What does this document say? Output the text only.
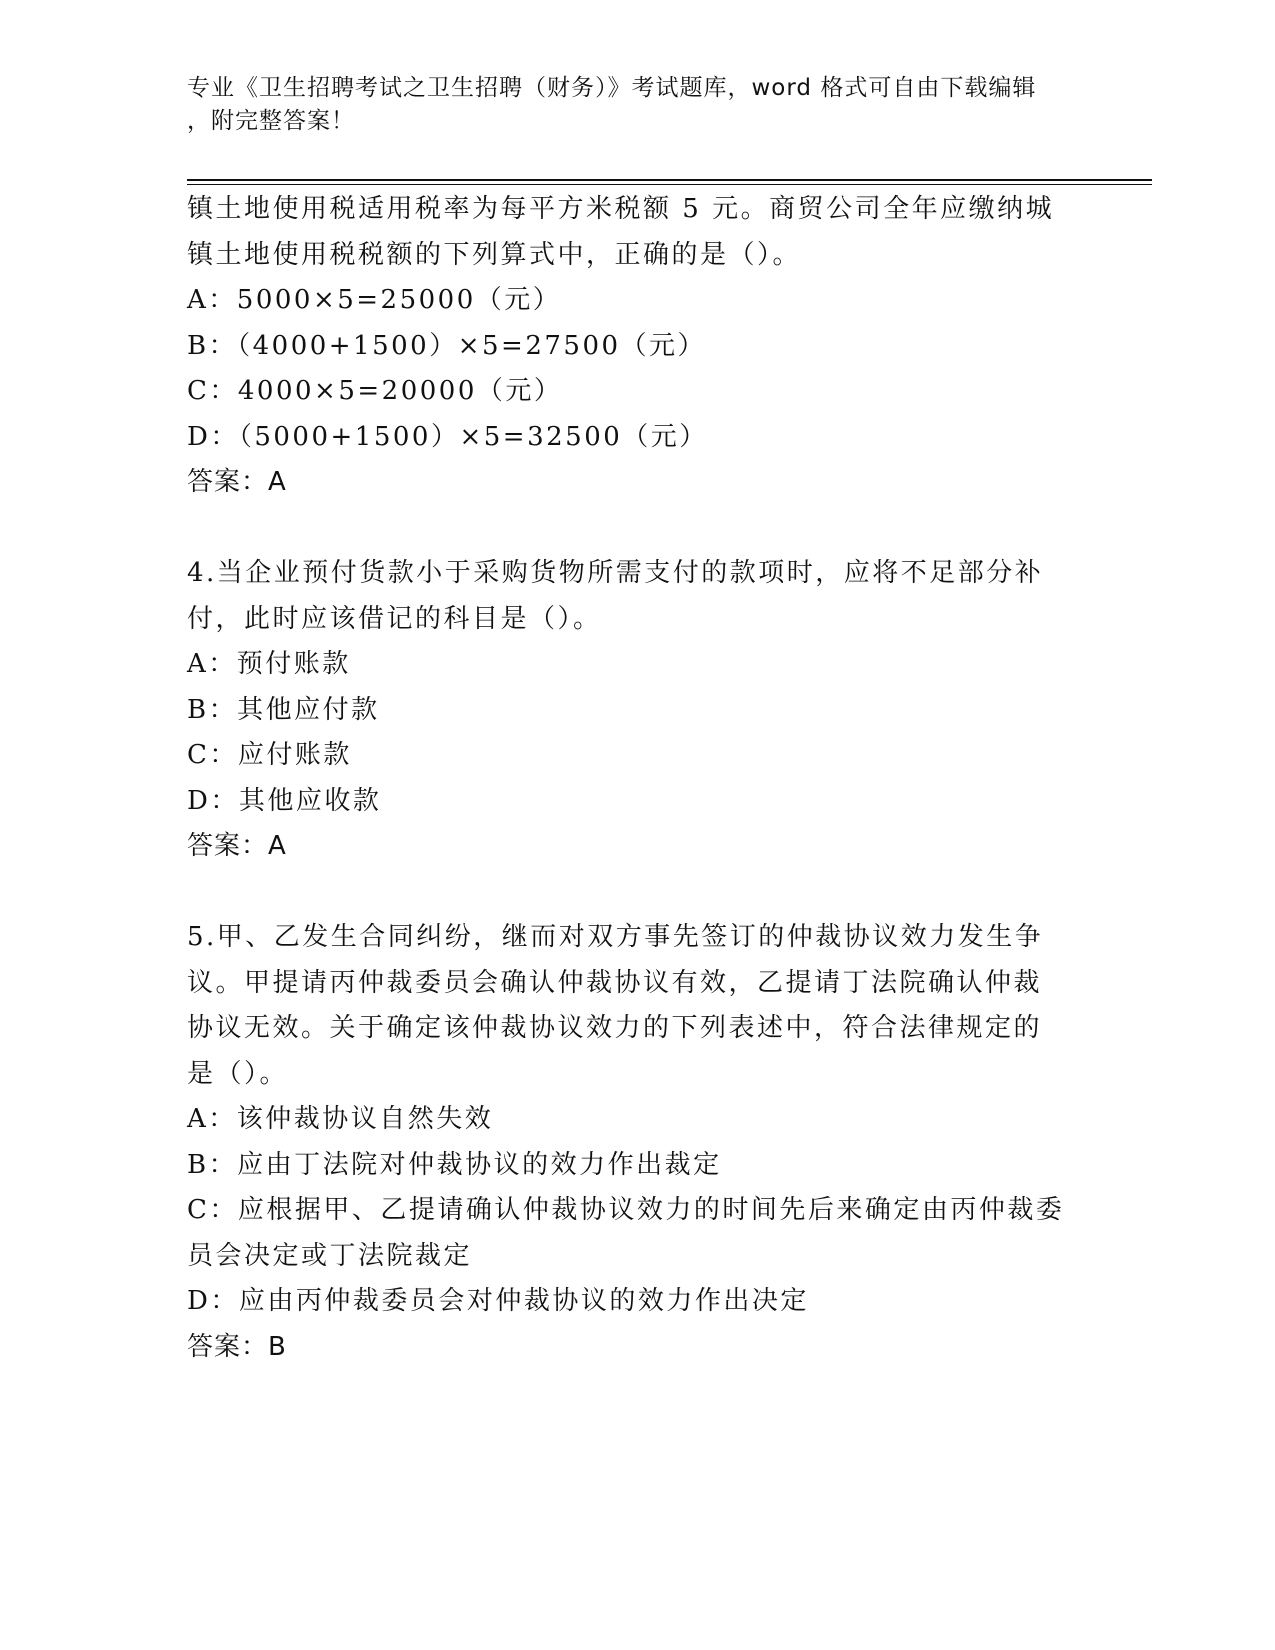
专业《卫生招聘考试之卫生招聘（财务）》考试题库，word 格式可自由下载编辑
，附完整答案！
镇土地使用税适用税率为每平方米税额 5 元。商贸公司全年应缴纳城
镇土地使用税税额的下列算式中，正确的是（）。
A：5000×5=25000（元）
B：（4000+1500）×5=27500（元）
C：4000×5=20000（元）
D：（5000+1500）×5=32500（元）
答案：A
4.当企业预付货款小于采购货物所需支付的款项时，应将不足部分补
付，此时应该借记的科目是（）。
A：预付账款
B：其他应付款
C：应付账款
D：其他应收款
答案：A
5.甲、乙发生合同纠纷，继而对双方事先签订的仲裁协议效力发生争
议。甲提请丙仲裁委员会确认仲裁协议有效，乙提请丁法院确认仲裁
协议无效。关于确定该仲裁协议效力的下列表述中，符合法律规定的
是（）。
A：该仲裁协议自然失效
B：应由丁法院对仲裁协议的效力作出裁定
C：应根据甲、乙提请确认仲裁协议效力的时间先后来确定由丙仲裁委
员会决定或丁法院裁定
D：应由丙仲裁委员会对仲裁协议的效力作出决定
答案：B
